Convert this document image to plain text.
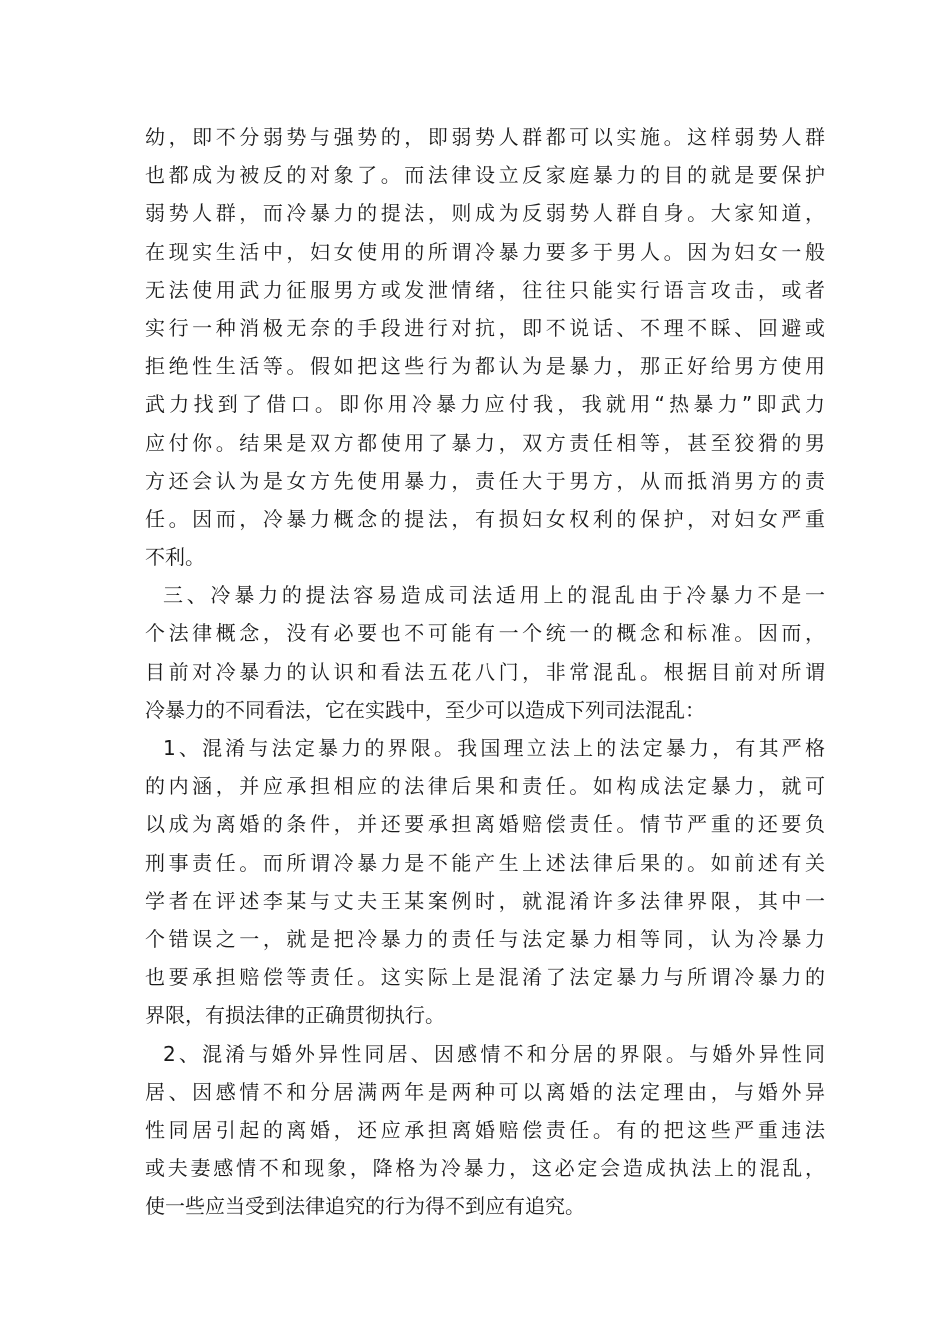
幼，即不分弱势与强势的，即弱势人群都可以实施。这样弱势人群
也都成为被反的对象了。而法律设立反家庭暴力的目的就是要保护
弱势人群，而冷暴力的提法，则成为反弱势人群自身。大家知道，
在现实生活中，妇女使用的所谓冷暴力要多于男人。因为妇女一般
无法使用武力征服男方或发泄情绪，往往只能实行语言攻击，或者
实行一种消极无奈的手段进行对抗，即不说话、不理不睬、回避或
拒绝性生活等。假如把这些行为都认为是暴力，那正好给男方使用
武力找到了借口。即你用冷暴力应付我，我就用“热暴力”即武力
应付你。结果是双方都使用了暴力，双方责任相等，甚至狡猾的男
方还会认为是女方先使用暴力，责任大于男方，从而抵消男方的责
任。因而，冷暴力概念的提法，有损妇女权利的保护，对妇女严重
不利。
三、冷暴力的提法容易造成司法适用上的混乱由于冷暴力不是一
个法律概念，没有必要也不可能有一个统一的概念和标准。因而，
目前对冷暴力的认识和看法五花八门，非常混乱。根据目前对所谓
冷暴力的不同看法，它在实践中，至少可以造成下列司法混乱：
1、混淆与法定暴力的界限。我国理立法上的法定暴力，有其严格
的内涵，并应承担相应的法律后果和责任。如构成法定暴力，就可
以成为离婚的条件，并还要承担离婚赔偿责任。情节严重的还要负
刑事责任。而所谓冷暴力是不能产生上述法律后果的。如前述有关
学者在评述李某与丈夫王某案例时，就混淆许多法律界限，其中一
个错误之一，就是把冷暴力的责任与法定暴力相等同，认为冷暴力
也要承担赔偿等责任。这实际上是混淆了法定暴力与所谓冷暴力的
界限，有损法律的正确贯彻执行。
2、混淆与婚外异性同居、因感情不和分居的界限。与婚外异性同
居、因感情不和分居满两年是两种可以离婚的法定理由，与婚外异
性同居引起的离婚，还应承担离婚赔偿责任。有的把这些严重违法
或夫妻感情不和现象，降格为冷暴力，这必定会造成执法上的混乱，
使一些应当受到法律追究的行为得不到应有追究。
